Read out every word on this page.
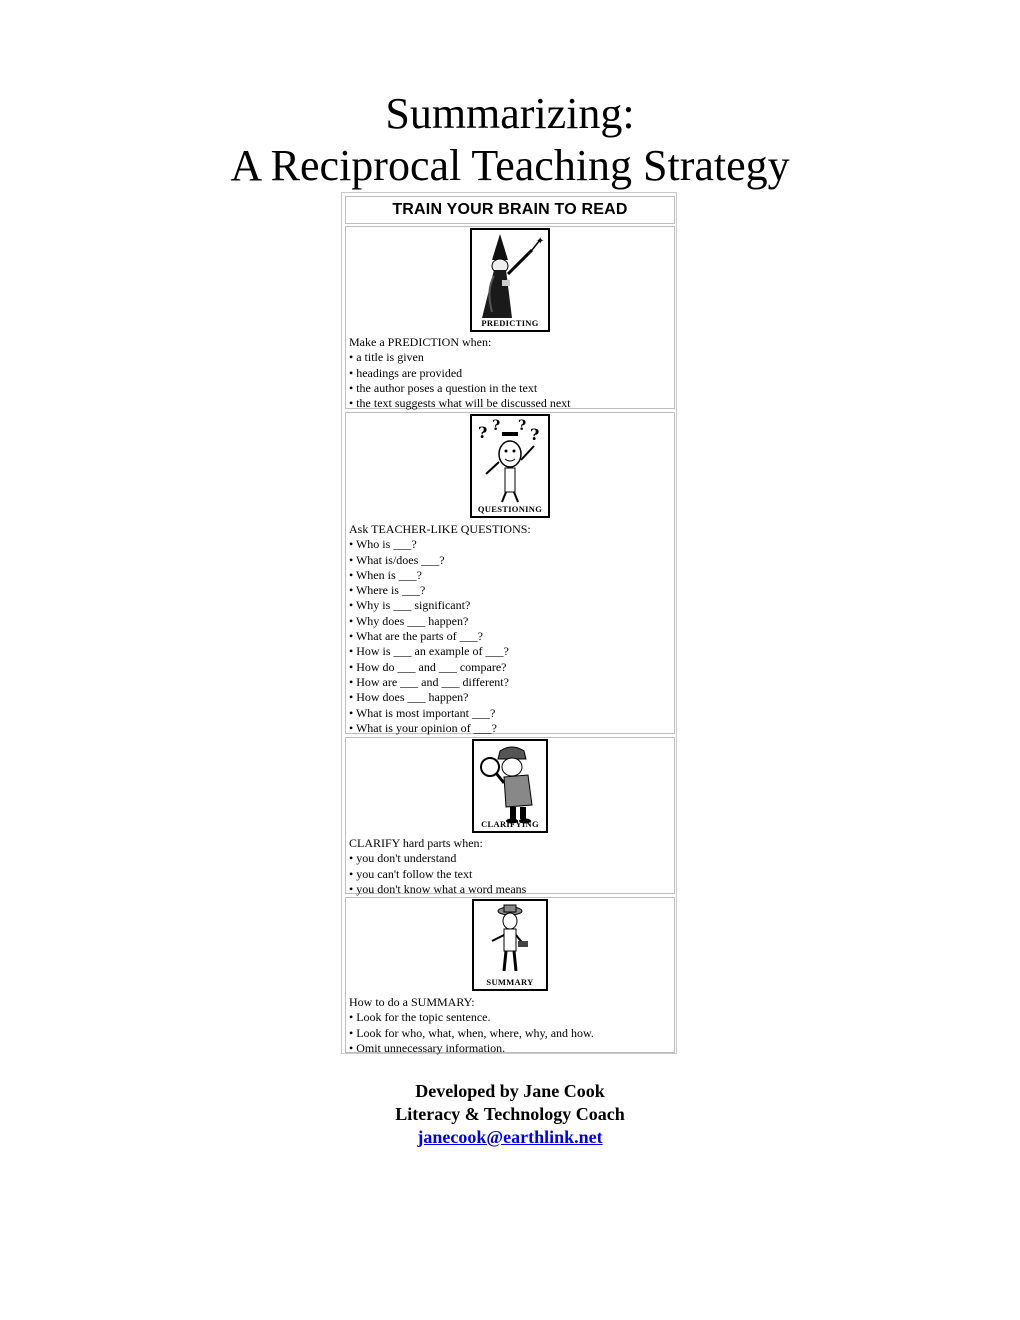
Summarizing:
A Reciprocal Teaching Strategy
TRAIN YOUR BRAIN TO READ
✦
PREDICTING
Make a PREDICTION when:
• a title is given
• headings are provided
• the author poses a question in the text
• the text suggests what will be discussed next
? ? ? ?
QUESTIONING
Ask TEACHER-LIKE QUESTIONS:
• Who is ___?
• What is/does ___?
• When is ___?
• Where is ___?
• Why is ___ significant?
• Why does ___ happen?
• What are the parts of ___?
• How is ___ an example of ___?
• How do ___ and ___ compare?
• How are ___ and ___ different?
• How does ___ happen?
• What is most important ___?
• What is your opinion of ___?
CLARIFYING
CLARIFY hard parts when:
• you don't understand
• you can't follow the text
• you don't know what a word means
SUMMARY
How to do a SUMMARY:
• Look for the topic sentence.
• Look for who, what, when, where, why, and how.
• Omit unnecessary information.
Developed by Jane Cook
Literacy & Technology Coach
janecook@earthlink.net
